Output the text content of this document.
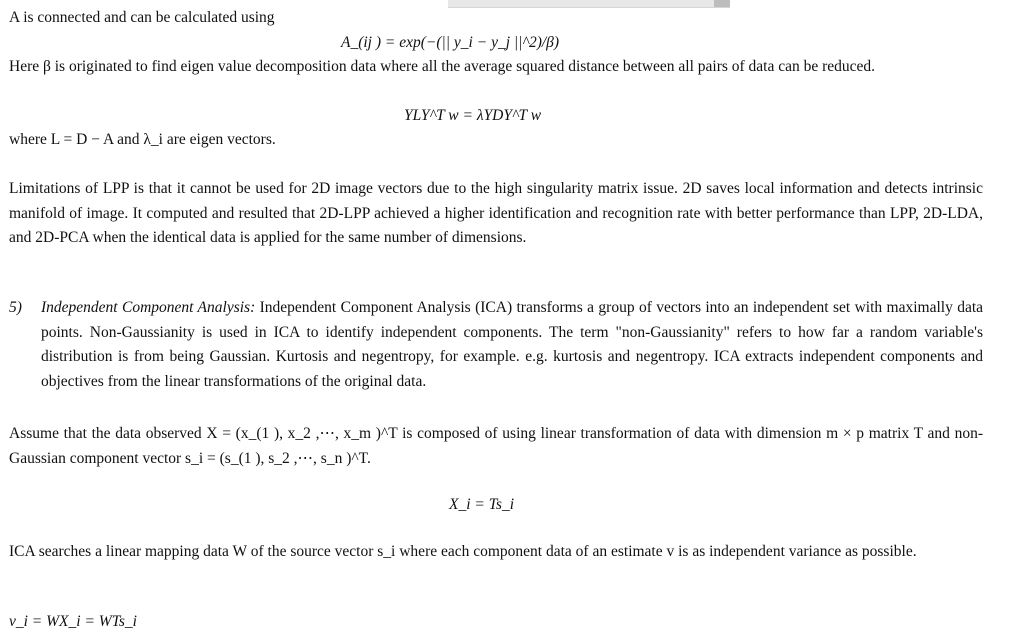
A is connected and can be calculated using

A_(ij ) = exp(−(|| y_i − y_j ||^2)/β)

Here β is originated to find eigen value decomposition data where all the average squared distance between all pairs of data can be reduced.

YLY^T w = λYDY^T w

where L = D − A and λ_i are eigen vectors.

Limitations of LPP is that it cannot be used for 2D image vectors due to the high singularity matrix issue. 2D saves local information and detects intrinsic manifold of image. It computed and resulted that 2D-LPP achieved a higher identification and recognition rate with better performance than LPP, 2D-LDA, and 2D-PCA when the identical data is applied for the same number of dimensions.

5) Independent Component Analysis: Independent Component Analysis (ICA) transforms a group of vectors into an independent set with maximally data points. Non-Gaussianity is used in ICA to identify independent components. The term "non-Gaussianity" refers to how far a random variable's distribution is from being Gaussian. Kurtosis and negentropy, for example. e.g. kurtosis and negentropy. ICA extracts independent components and objectives from the linear transformations of the original data.

Assume that the data observed X = (x_(1 ), x_2 ,⋯, x_m )^T is composed of using linear transformation of data with dimension m × p matrix T and non-Gaussian component vector s_i = (s_(1 ), s_2 ,⋯, s_n )^T.

X_i = Ts_i

ICA searches a linear mapping data W of the source vector s_i where each component data of an estimate v is as independent variance as possible.

v_i = WX_i = WTs_i
